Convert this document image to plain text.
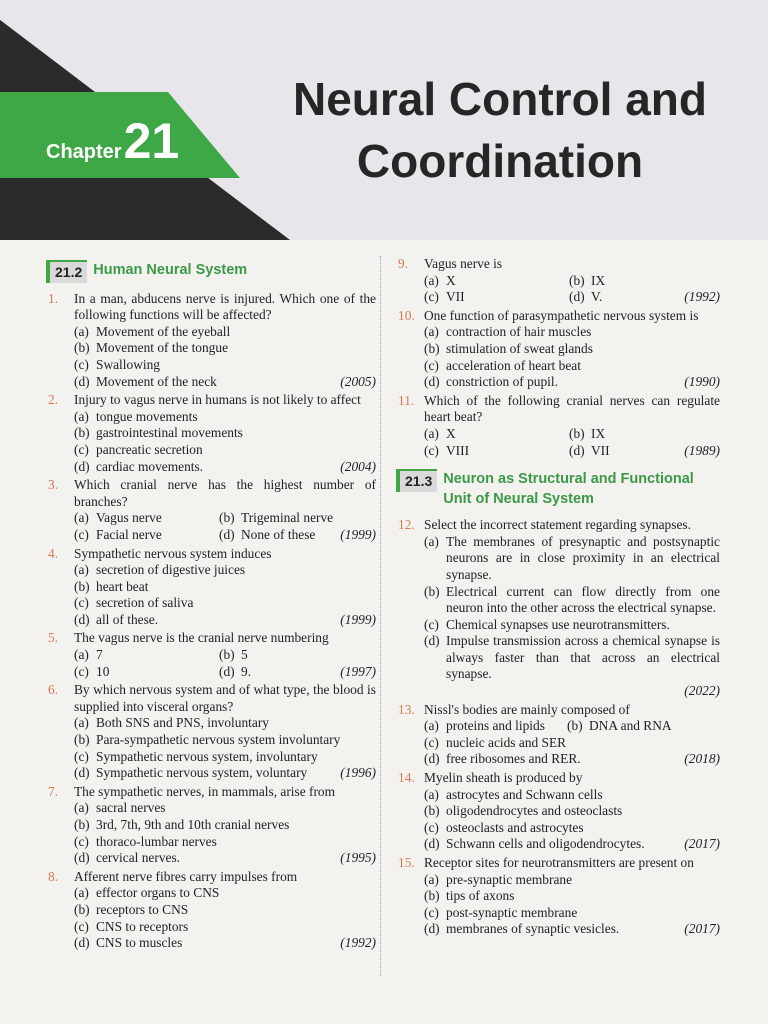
Chapter21
Neural Control and
Coordination
21.2 Human Neural System
1.	In a man, abducens nerve is injured. Which one of the following functions will be affected?
(a) Movement of the eyeball
(b) Movement of the tongue
(c) Swallowing
(d) Movement of the neck	(2005)
2.	Injury to vagus nerve in humans is not likely to affect
(a) tongue movements
(b) gastrointestinal movements
(c) pancreatic secretion
(d) cardiac movements.	(2004)
3.	Which cranial nerve has the highest number of branches?
(a) Vagus nerve	(b) Trigeminal nerve
(c) Facial nerve	(d) None of these	(1999)
4.	Sympathetic nervous system induces
(a) secretion of digestive juices
(b) heart beat
(c) secretion of saliva
(d) all of these.	(1999)
5.	The vagus nerve is the cranial nerve numbering
(a) 7	(b) 5
(c) 10	(d) 9.	(1997)
6.	By which nervous system and of what type, the blood is supplied into visceral organs?
(a) Both SNS and PNS, involuntary
(b) Para-sympathetic nervous system involuntary
(c) Sympathetic nervous system, involuntary
(d) Sympathetic nervous system, voluntary	(1996)
7.	The sympathetic nerves, in mammals, arise from
(a) sacral nerves
(b) 3rd, 7th, 9th and 10th cranial nerves
(c) thoraco-lumbar nerves
(d) cervical nerves.	(1995)
8.	Afferent nerve fibres carry impulses from
(a) effector organs to CNS
(b) receptors to CNS
(c) CNS to receptors
(d) CNS to muscles	(1992)
9.	Vagus nerve is
(a) X	(b) IX
(c) VII	(d) V.	(1992)
10. One function of parasympathetic nervous system is
(a) contraction of hair muscles
(b) stimulation of sweat glands
(c) acceleration of heart beat
(d) constriction of pupil.	(1990)
11. Which of the following cranial nerves can regulate heart beat?
(a) X	(b) IX
(c) VIII	(d) VII	(1989)
21.3 Neuron as Structural and Functional
Unit of Neural System
12. Select the incorrect statement regarding synapses.
(a) The membranes of presynaptic and postsynaptic neurons are in close proximity in an electrical synapse.
(b) Electrical current can flow directly from one neuron into the other across the electrical synapse.
(c) Chemical synapses use neurotransmitters.
(d) Impulse transmission across a chemical synapse is always faster than that across an electrical synapse.
(2022)
13. Nissl's bodies are mainly composed of
(a) proteins and lipids (b) DNA and RNA
(c) nucleic acids and SER
(d) free ribosomes and RER.	(2018)
14. Myelin sheath is produced by
(a) astrocytes and Schwann cells
(b) oligodendrocytes and osteoclasts
(c) osteoclasts and astrocytes
(d) Schwann cells and oligodendrocytes.	(2017)
15. Receptor sites for neurotransmitters are present on
(a) pre-synaptic membrane
(b) tips of axons
(c) post-synaptic membrane
(d) membranes of synaptic vesicles.	(2017)
